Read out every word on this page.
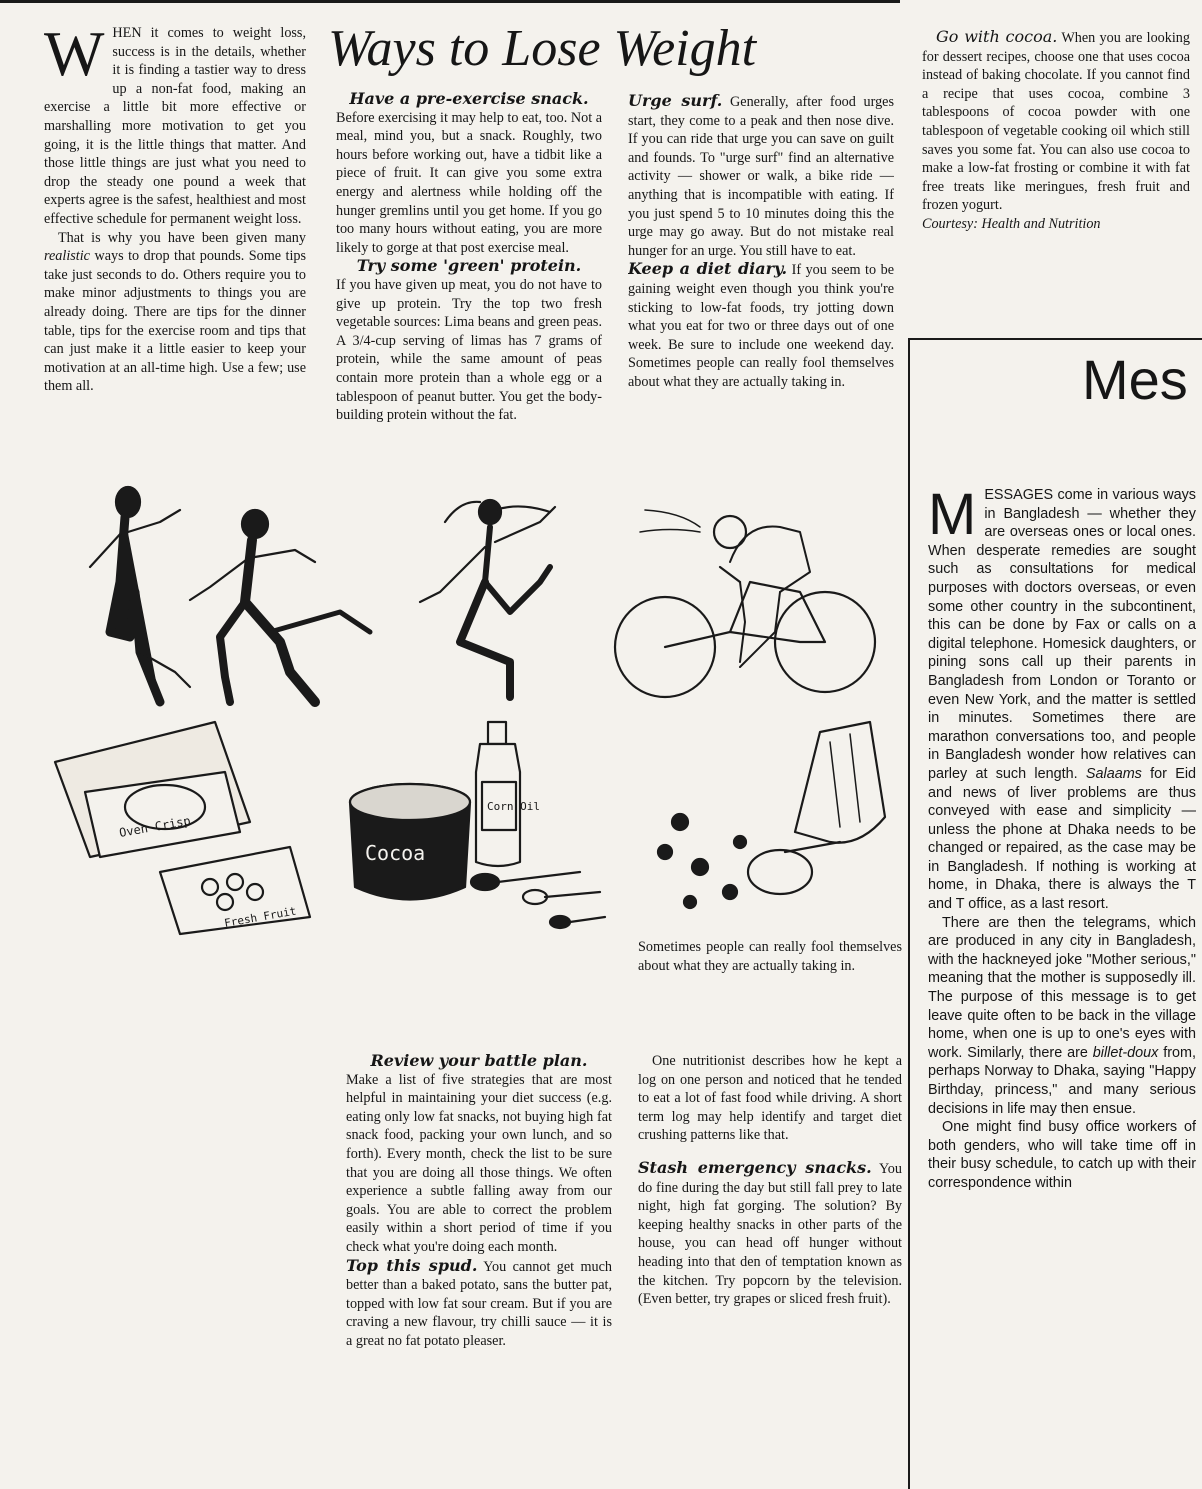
WHEN it comes to weight loss, success is in the details, whether it is finding a tastier way to dress up a non-fat food, making an exercise a little bit more effective or marshalling more motivation to get you going, it is the little things that matter. And those little things are just what you need to drop the steady one pound a week that experts agree is the safest, healthiest and most effective schedule for permanent weight loss.

That is why you have been given many realistic ways to drop that pounds. Some tips take just seconds to do. Others require you to make minor adjustments to things you are already doing. There are tips for the dinner table, tips for the exercise room and tips that can just make it a little easier to keep your motivation at an all-time high. Use a few; use them all.

Ways to Lose Weight
Have a pre-exercise snack.

Before exercising it may help to eat, too. Not a meal, mind you, but a snack. Roughly, two hours before working out, have a tidbit like a piece of fruit. It can give you some extra energy and alertness while holding off the hunger gremlins until you get home. If you go too many hours without eating, you are more likely to gorge at that post exercise meal.

Try some 'green' protein.

If you have given up meat, you do not have to give up protein. Try the top two fresh vegetable sources: Lima beans and green peas. A 3/4-cup serving of limas has 7 grams of protein, while the same amount of peas contain more protein than a whole egg or a tablespoon of peanut butter. You get the body-building protein without the fat.

Review your battle plan.

Make a list of five strategies that are most helpful in maintaining your diet success (e.g. eating only low fat snacks, not buying high fat snack food, packing your own lunch, and so forth). Every month, check the list to be sure that you are doing all those things. We often experience a subtle falling away from our goals. You are able to correct the problem easily within a short period of time if you check what you're doing each month.

Top this spud. You cannot get much better than a baked potato, sans the butter pat, topped with low fat sour cream. But if you are craving a new flavour, try chilli sauce — it is a great no fat potato pleaser.

Urge surf. Generally, after food urges start, they come to a peak and then nose dive. If you can ride that urge you can save on guilt and founds. To "urge surf" find an alternative activity — shower or walk, a bike ride — anything that is incompatible with eating. If you just spend 5 to 10 minutes doing this the urge may go away. But do not mistake real hunger for an urge. You still have to eat.

Keep a diet diary. If you seem to be gaining weight even though you think you're sticking to low-fat foods, try jotting down what you eat for two or three days out of one week. Be sure to include one weekend day. Sometimes people can really fool themselves about what they are actually taking in.

Sometimes people can really fool themselves about what they are actually taking in.

One nutritionist describes how he kept a log on one person and noticed that he tended to eat a lot of fast food while driving. A short term log may help identify and target diet crushing patterns like that.

Stash emergency snacks. You do fine during the day but still fall prey to late night, high fat gorging. The solution? By keeping healthy snacks in other parts of the house, you can head off hunger without heading into that den of temptation known as the kitchen. Try popcorn by the television. (Even better, try grapes or sliced fresh fruit).

Go with cocoa. When you are looking for dessert recipes, choose one that uses cocoa instead of baking chocolate. If you cannot find a recipe that uses cocoa, combine 3 tablespoons of cocoa powder with one tablespoon of vegetable cooking oil which still saves you some fat. You can also use cocoa to make a low-fat frosting or combine it with fat free treats like meringues, fresh fruit and frozen yogurt.

Courtesy: Health and Nutrition

Mes

MESSAGES come in various ways in Bangladesh — whether they are overseas ones or local ones. When desperate remedies are sought such as consultations for medical purposes with doctors overseas, or even some other country in the subcontinent, this can be done by Fax or calls on a digital telephone. Homesick daughters, or pining sons call up their parents in Bangladesh from London or Toranto or even New York, and the matter is settled in minutes. Sometimes there are marathon conversations too, and people in Bangladesh wonder how relatives can parley at such length. Salaams for Eid and news of liver problems are thus conveyed with ease and simplicity — unless the phone at Dhaka needs to be changed or repaired, as the case may be in Bangladesh. If nothing is working at home, in Dhaka, there is always the T and T office, as a last resort.

There are then the telegrams, which are produced in any city in Bangladesh, with the hackneyed joke "Mother serious," meaning that the mother is supposedly ill. The purpose of this message is to get leave quite often to be back in the village home, when one is up to one's eyes with work. Similarly, there are billet-doux from, perhaps Norway to Dhaka, saying "Happy Birthday, princess," and many serious decisions in life may then ensue.

One might find busy office workers of both genders, who will take time off in their busy schedule, to catch up with their correspondence within

Oven Crisp
Fresh Fruit
Cocoa
Corn Oil
